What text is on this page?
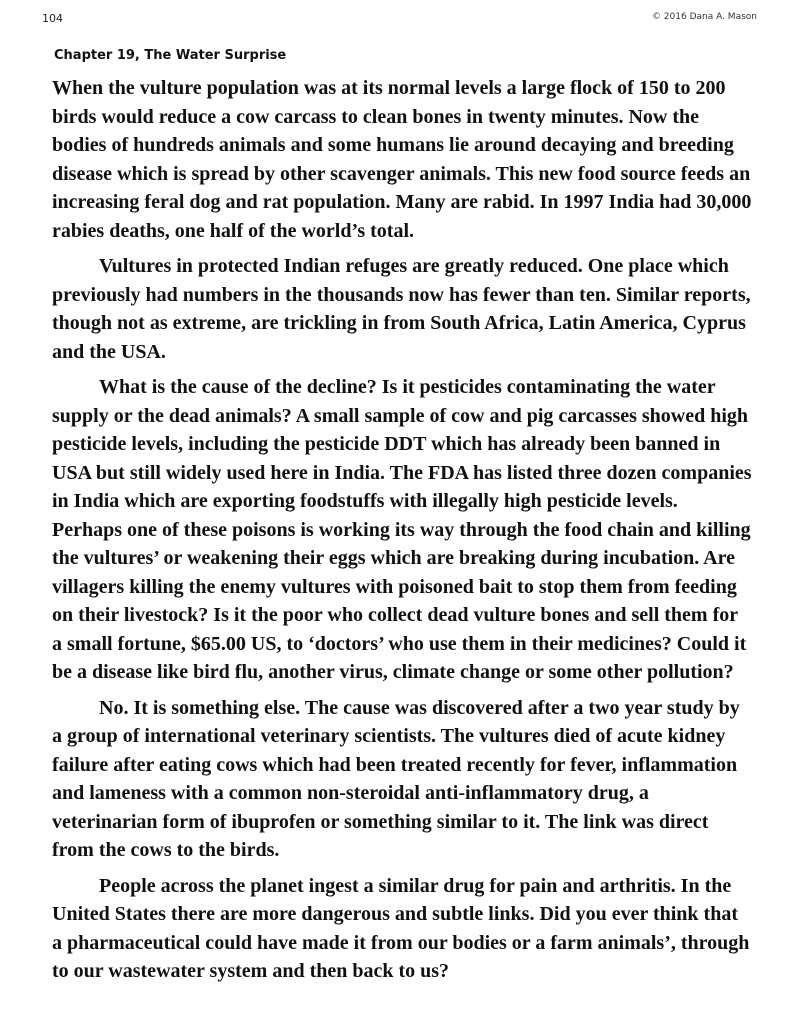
104	© 2016 Dana A. Mason
Chapter 19, The Water Surprise

When the vulture population was at its normal levels a large flock of 150 to 200 birds would reduce a cow carcass to clean bones in twenty minutes. Now the bodies of hundreds animals and some humans lie around decaying and breeding disease which is spread by other scavenger animals. This new food source feeds an increasing feral dog and rat population. Many are rabid. In 1997 India had 30,000 rabies deaths, one half of the world’s total.

Vultures in protected Indian refuges are greatly reduced. One place which previously had numbers in the thousands now has fewer than ten. Similar reports, though not as extreme, are trickling in from South Africa, Latin America, Cyprus and the USA.

What is the cause of the decline? Is it pesticides contaminating the water supply or the dead animals? A small sample of cow and pig carcasses showed high pesticide levels, including the pesticide DDT which has already been banned in USA but still widely used here in India. The FDA has listed three dozen companies in India which are exporting foodstuffs with illegally high pesticide levels. Perhaps one of these poisons is working its way through the food chain and killing the vultures’ or weakening their eggs which are breaking during incubation. Are villagers killing the enemy vultures with poisoned bait to stop them from feeding on their livestock? Is it the poor who collect dead vulture bones and sell them for a small fortune, $65.00 US, to ‘doctors’ who use them in their medicines? Could it be a disease like bird flu, another virus, climate change or some other pollution?

No. It is something else. The cause was discovered after a two year study by a group of international veterinary scientists. The vultures died of acute kidney failure after eating cows which had been treated recently for fever, inflammation and lameness with a common non-steroidal anti-inflammatory drug, a veterinarian form of ibuprofen or something similar to it. The link was direct from the cows to the birds.

People across the planet ingest a similar drug for pain and arthritis. In the United States there are more dangerous and subtle links. Did you ever think that a pharmaceutical could have made it from our bodies or a farm animals’, through to our wastewater system and then back to us?
